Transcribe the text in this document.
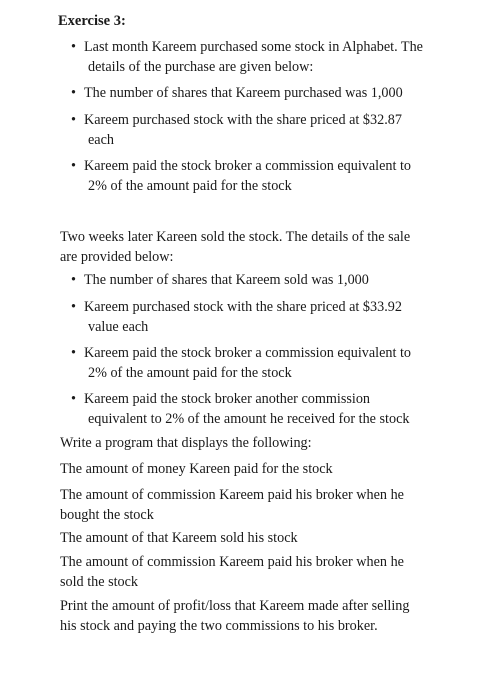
Exercise 3:
• Last month Kareem purchased some stock in Alphabet. The
details of the purchase are given below:
• The number of shares that Kareem purchased was 1,000
• Kareem purchased stock with the share priced at $32.87
each
• Kareem paid the stock broker a commission equivalent to
2% of the amount paid for the stock
Two weeks later Kareen sold the stock. The details of the sale
are provided below:
• The number of shares that Kareem sold was 1,000
• Kareem purchased stock with the share priced at $33.92
value each
• Kareem paid the stock broker a commission equivalent to
2% of the amount paid for the stock
• Kareem paid the stock broker another commission
equivalent to 2% of the amount he received for the stock
Write a program that displays the following:
The amount of money Kareen paid for the stock
The amount of commission Kareem paid his broker when he
bought the stock
The amount of that Kareem sold his stock
The amount of commission Kareem paid his broker when he
sold the stock
Print the amount of profit/loss that Kareem made after selling
his stock and paying the two commissions to his broker.
